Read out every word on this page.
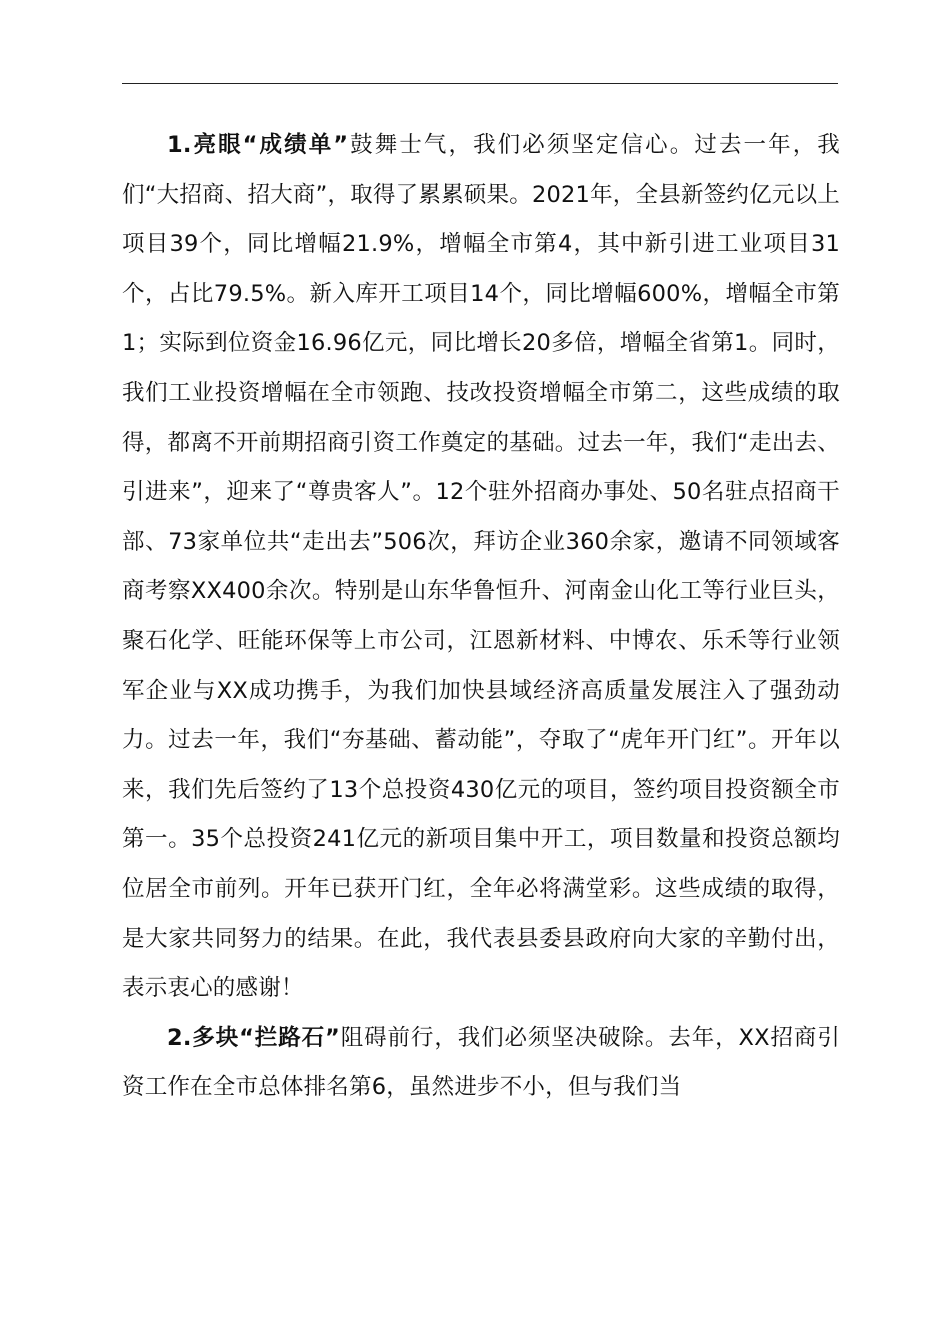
1.亮眼“成绩单”鼓舞士气，我们必须坚定信心。过去一年，我们“大招商、招大商”，取得了累累硕果。2021年，全县新签约亿元以上项目39个，同比增幅21.9%，增幅全市第4，其中新引进工业项目31个，占比79.5%。新入库开工项目14个，同比增幅600%，增幅全市第1；实际到位资金16.96亿元，同比增长20多倍，增幅全省第1。同时，我们工业投资增幅在全市领跑、技改投资增幅全市第二，这些成绩的取得，都离不开前期招商引资工作奠定的基础。过去一年，我们“走出去、引进来”，迎来了“尊贵客人”。12个驻外招商办事处、50名驻点招商干部、73家单位共“走出去”506次，拜访企业360余家，邀请不同领域客商考察XX400余次。特别是山东华鲁恒升、河南金山化工等行业巨头，聚石化学、旺能环保等上市公司，江恩新材料、中博农、乐禾等行业领军企业与XX成功携手，为我们加快县域经济高质量发展注入了强劲动力。过去一年，我们“夯基础、蓄动能”，夺取了“虎年开门红”。开年以来，我们先后签约了13个总投资430亿元的项目，签约项目投资额全市第一。35个总投资241亿元的新项目集中开工，项目数量和投资总额均位居全市前列。开年已获开门红，全年必将满堂彩。这些成绩的取得，是大家共同努力的结果。在此，我代表县委县政府向大家的辛勤付出，表示衷心的感谢！

2.多块“拦路石”阻碍前行，我们必须坚决破除。去年，XX招商引资工作在全市总体排名第6，虽然进步不小，但与我们当
